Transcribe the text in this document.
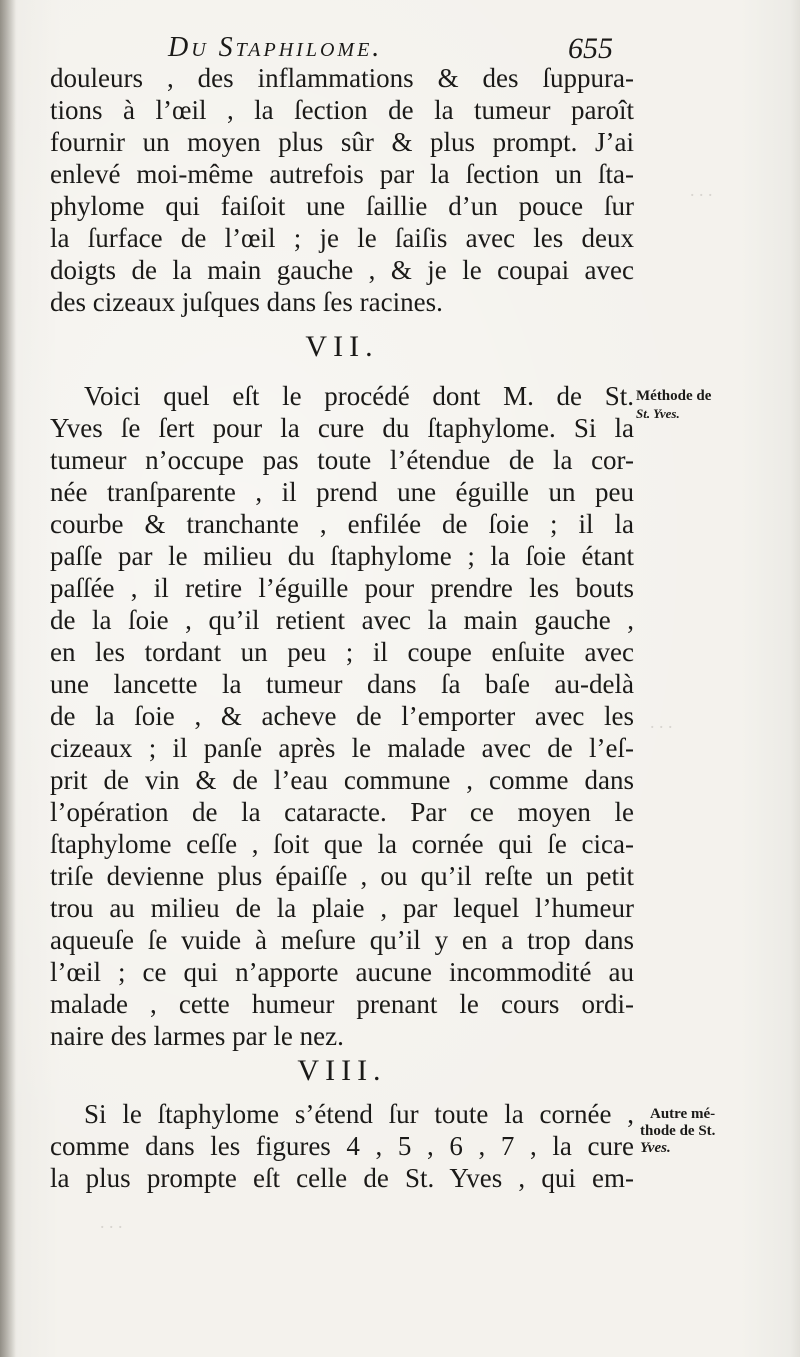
. . .
. . .
. . .
Du Staphilome.	655
douleurs , des inflammations & des ſuppura-
tions à l’œil , la ſection de la tumeur paroît
fournir un moyen plus sûr & plus prompt. J’ai
enlevé moi-même autrefois par la ſection un ſta-
phylome qui faiſoit une ſaillie d’un pouce ſur
la ſurface de l’œil ; je le ſaiſis avec les deux
doigts de la main gauche , & je le coupai avec
des cizeaux juſques dans ſes racines.
VII.
Voici quel eſt le procédé dont M. de St.
Yves ſe ſert pour la cure du ſtaphylome. Si la
tumeur n’occupe pas toute l’étendue de la cor-
née tranſparente , il prend une éguille un peu
courbe & tranchante , enfilée de ſoie ; il la
paſſe par le milieu du ſtaphylome ; la ſoie étant
paſſée , il retire l’éguille pour prendre les bouts
de la ſoie , qu’il retient avec la main gauche ,
en les tordant un peu ; il coupe enſuite avec
une lancette la tumeur dans ſa baſe au-delà
de la ſoie , & acheve de l’emporter avec les
cizeaux ; il panſe après le malade avec de l’eſ-
prit de vin & de l’eau commune , comme dans
l’opération de la cataracte. Par ce moyen le
ſtaphylome ceſſe , ſoit que la cornée qui ſe cica-
triſe devienne plus épaiſſe , ou qu’il reſte un petit
trou au milieu de la plaie , par lequel l’humeur
aqueuſe ſe vuide à meſure qu’il y en a trop dans
l’œil ; ce qui n’apporte aucune incommodité au
malade , cette humeur prenant le cours ordi-
naire des larmes par le nez.
VIII.
Si le ſtaphylome s’étend ſur toute la cornée ,
comme dans les figures 4 , 5 , 6 , 7 , la cure
la plus prompte eſt celle de St. Yves , qui em-
Méthode de
St. Yves.
Autre mé-
thode de St.
Yves.
